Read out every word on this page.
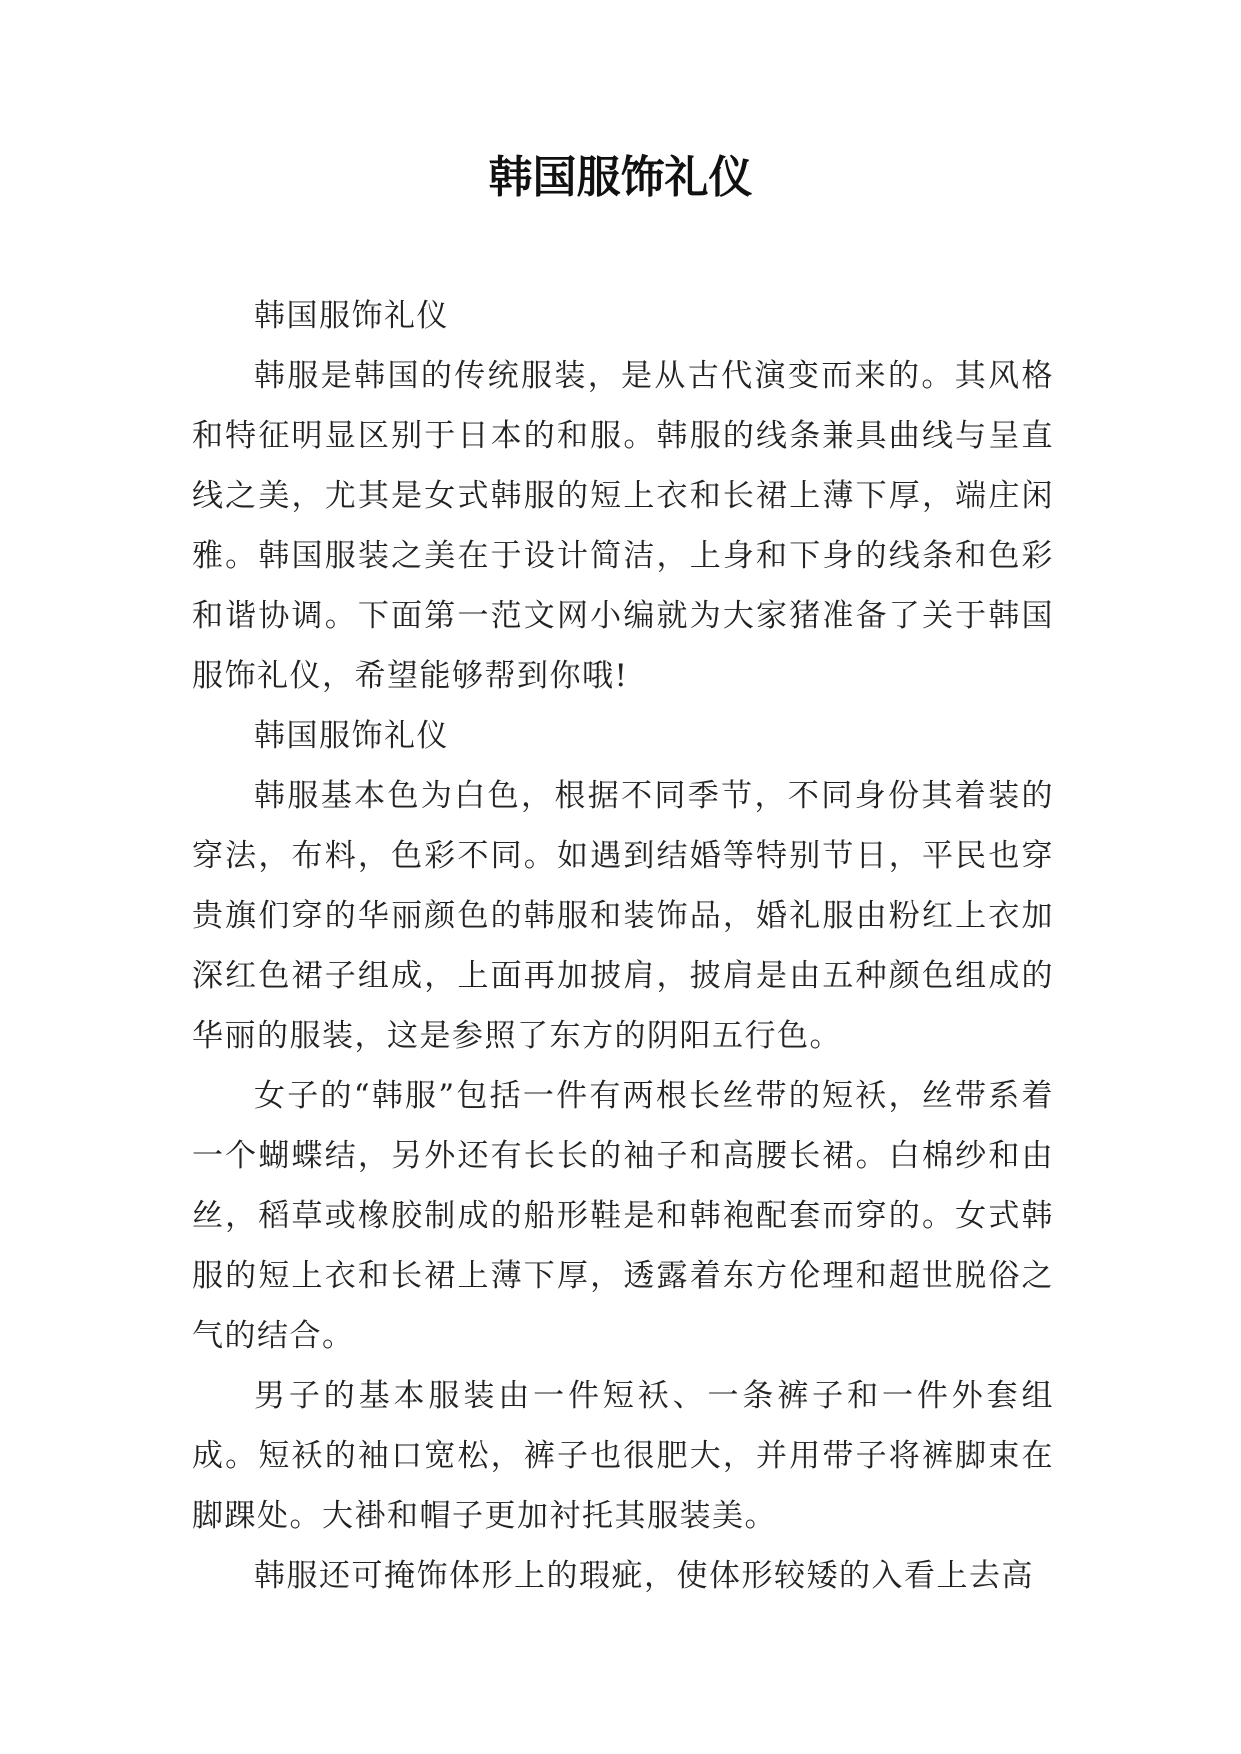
韩国服饰礼仪

韩国服饰礼仪

韩服是韩国的传统服装，是从古代演变而来的。其风格和特征明显区别于日本的和服。韩服的线条兼具曲线与呈直线之美，尤其是女式韩服的短上衣和长裙上薄下厚，端庄闲雅。韩国服装之美在于设计简洁，上身和下身的线条和色彩和谐协调。下面第一范文网小编就为大家猪准备了关于韩国服饰礼仪，希望能够帮到你哦!

韩国服饰礼仪

韩服基本色为白色，根据不同季节，不同身份其着装的穿法，布料，色彩不同。如遇到结婚等特别节日，平民也穿贵旗们穿的华丽颜色的韩服和装饰品，婚礼服由粉红上衣加深红色裙子组成，上面再加披肩，披肩是由五种颜色组成的华丽的服装，这是参照了东方的阴阳五行色。

女子的“韩服”包括一件有两根长丝带的短袄，丝带系着一个蝴蝶结，另外还有长长的袖子和高腰长裙。白棉纱和由丝，稻草或橡胶制成的船形鞋是和韩袍配套而穿的。女式韩服的短上衣和长裙上薄下厚，透露着东方伦理和超世脱俗之气的结合。

男子的基本服装由一件短袄、一条裤子和一件外套组成。短袄的袖口宽松，裤子也很肥大，并用带子将裤脚束在脚踝处。大褂和帽子更加衬托其服装美。

韩服还可掩饰体形上的瑕疵，使体形较矮的入看上去高
